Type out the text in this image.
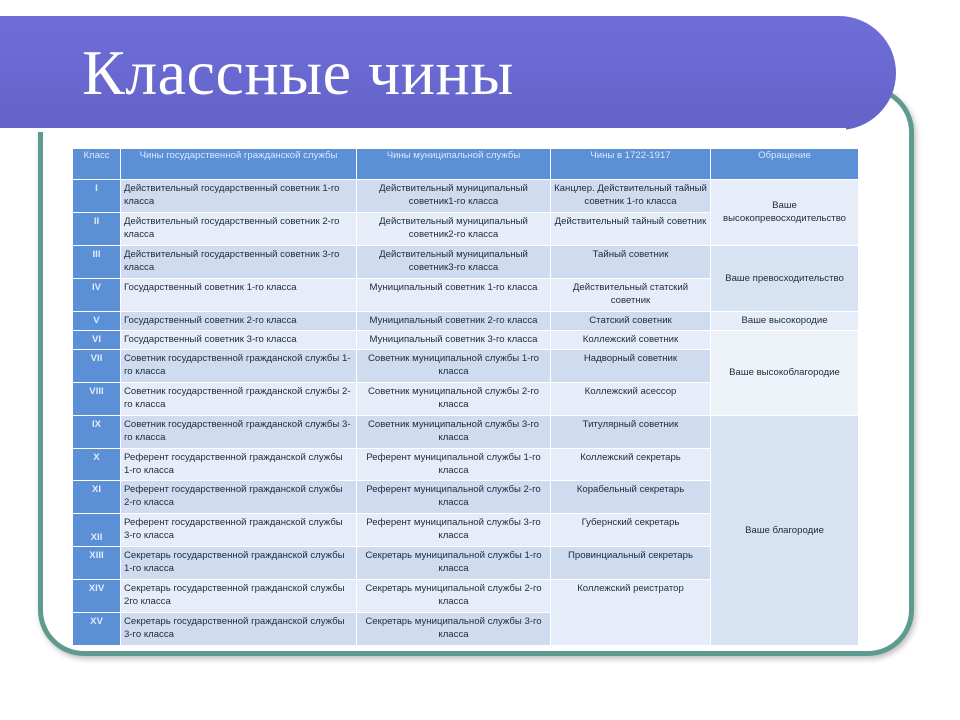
Классные чины
Класс	Чины государственной гражданской службы	Чины муниципальной службы	Чины в 1722-1917	Обращение
I	Действительный государственный советник 1-го класса	Действительный муниципальный советник1-го класса	Канцлер. Действительный тайный советник 1-го класса	Ваше высокопревосходительство
II	Действительный государственный советник 2-го класса	Действительный муниципальный советник2-го класса	Действительный тайный советник	
III	Действительный государственный советник 3-го класса	Действительный муниципальный советник3-го класса	Тайный советник	Ваше превосходительство
IV	Государственный советник 1-го класса	Муниципальный советник 1-го класса	Действительный статский советник	
V	Государственный советник 2-го класса	Муниципальный советник 2-го класса	Статский советник	Ваше высокородие
VI	Государственный советник 3-го класса	Муниципальный советник 3-го класса	Коллежский советник	Ваше высокоблагородие
VII	Советник государственной гражданской службы 1-го класса	Советник муниципальной службы 1-го класса	Надворный советник	
VIII	Советник государственной гражданской службы 2-го класса	Советник муниципальной службы 2-го класса	Коллежский асессор	
IX	Советник государственной гражданской службы 3-го класса	Советник муниципальной службы 3-го класса	Титулярный советник	Ваше благородие
X	Референт государственной гражданской службы 1-го класса	Референт муниципальной службы 1-го класса	Коллежский секретарь	
XI	Референт государственной гражданской службы 2-го класса	Референт муниципальной службы 2-го класса	Корабельный секретарь	
XII	Референт государственной гражданской службы 3-го класса	Референт муниципальной службы 3-го класса	Губернский секретарь	
XIII	Секретарь государственной гражданской службы 1-го класса	Секретарь муниципальной службы 1-го класса	Провинциальный секретарь	
XIV	Секретарь государственной гражданской службы 2го класса	Секретарь муниципальной службы 2-го класса	Коллежский реистратор	
XV	Секретарь государственной гражданской службы 3-го класса	Секретарь муниципальной службы 3-го класса		
